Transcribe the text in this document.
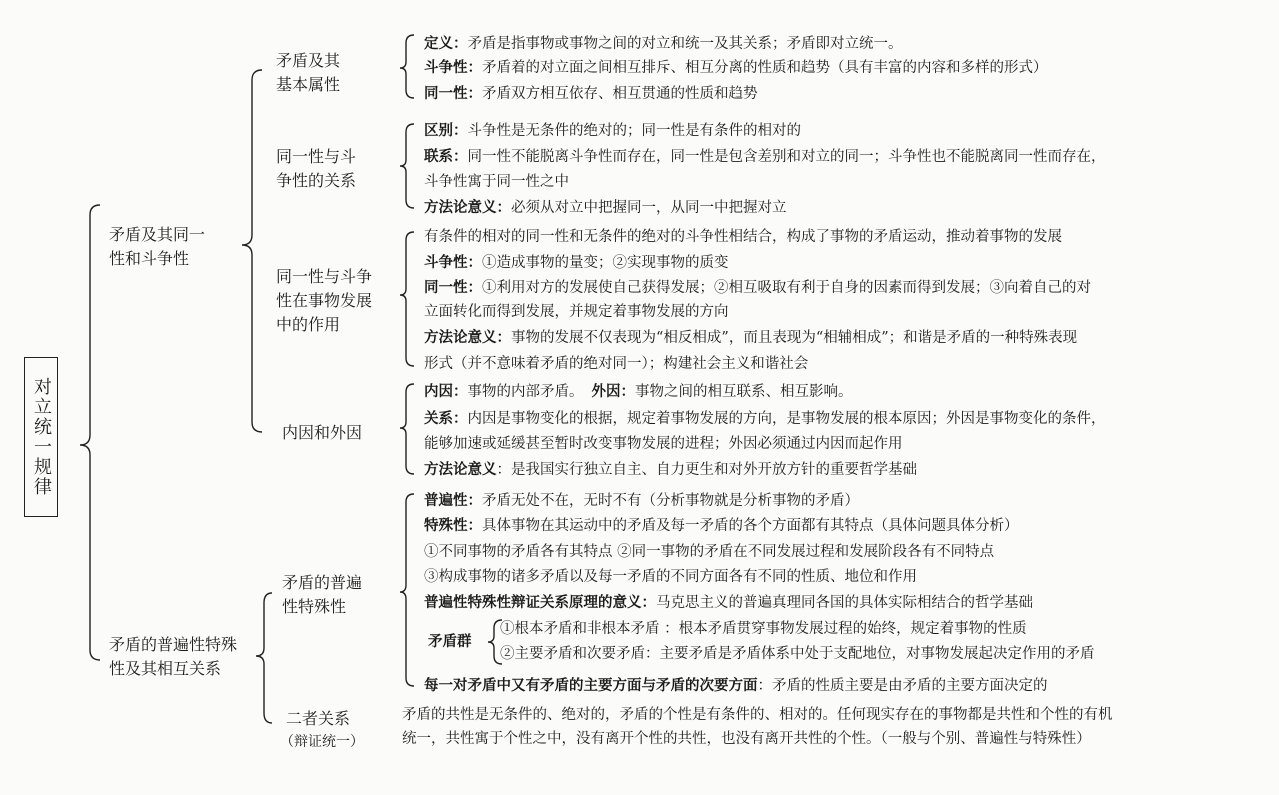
对立统一规律
矛盾及其同一
性和斗争性
矛盾的普遍性特殊
性及其相互关系
矛盾及其
基本属性
同一性与斗
争性的关系
同一性与斗争
性在事物发展
中的作用
内因和外因
矛盾的普遍
性特殊性
二者关系
（辩证统一）
定义：矛盾是指事物或事物之间的对立和统一及其关系；矛盾即对立统一。
斗争性：矛盾着的对立面之间相互排斥、相互分离的性质和趋势（具有丰富的内容和多样的形式）
同一性：矛盾双方相互依存、相互贯通的性质和趋势
区别：斗争性是无条件的绝对的；同一性是有条件的相对的
联系：同一性不能脱离斗争性而存在，同一性是包含差别和对立的同一；斗争性也不能脱离同一性而存在，
斗争性寓于同一性之中
方法论意义：必须从对立中把握同一，从同一中把握对立
有条件的相对的同一性和无条件的绝对的斗争性相结合，构成了事物的矛盾运动，推动着事物的发展
斗争性：①造成事物的量变；②实现事物的质变
同一性：①利用对方的发展使自己获得发展；②相互吸取有利于自身的因素而得到发展；③向着自己的对
立面转化而得到发展，并规定着事物发展的方向
方法论意义：事物的发展不仅表现为“相反相成”，而且表现为“相辅相成”；和谐是矛盾的一种特殊表现
形式（并不意味着矛盾的绝对同一）；构建社会主义和谐社会
内因：事物的内部矛盾。 外因：事物之间的相互联系、相互影响。
关系：内因是事物变化的根据，规定着事物发展的方向，是事物发展的根本原因；外因是事物变化的条件，
能够加速或延缓甚至暂时改变事物发展的进程；外因必须通过内因而起作用
方法论意义：是我国实行独立自主、自力更生和对外开放方针的重要哲学基础
普遍性：矛盾无处不在，无时不有（分析事物就是分析事物的矛盾）
特殊性：具体事物在其运动中的矛盾及每一矛盾的各个方面都有其特点（具体问题具体分析）
①不同事物的矛盾各有其特点 ②同一事物的矛盾在不同发展过程和发展阶段各有不同特点
③构成事物的诸多矛盾以及每一矛盾的不同方面各有不同的性质、地位和作用
普遍性特殊性辩证关系原理的意义：马克思主义的普遍真理同各国的具体实际相结合的哲学基础
矛盾群
①根本矛盾和非根本矛盾 ：根本矛盾贯穿事物发展过程的始终，规定着事物的性质
②主要矛盾和次要矛盾：主要矛盾是矛盾体系中处于支配地位，对事物发展起决定作用的矛盾
每一对矛盾中又有矛盾的主要方面与矛盾的次要方面：矛盾的性质主要是由矛盾的主要方面决定的
矛盾的共性是无条件的、绝对的，矛盾的个性是有条件的、相对的。任何现实存在的事物都是共性和个性的有机
统一，共性寓于个性之中，没有离开个性的共性，也没有离开共性的个性。（一般与个别、普遍性与特殊性）
